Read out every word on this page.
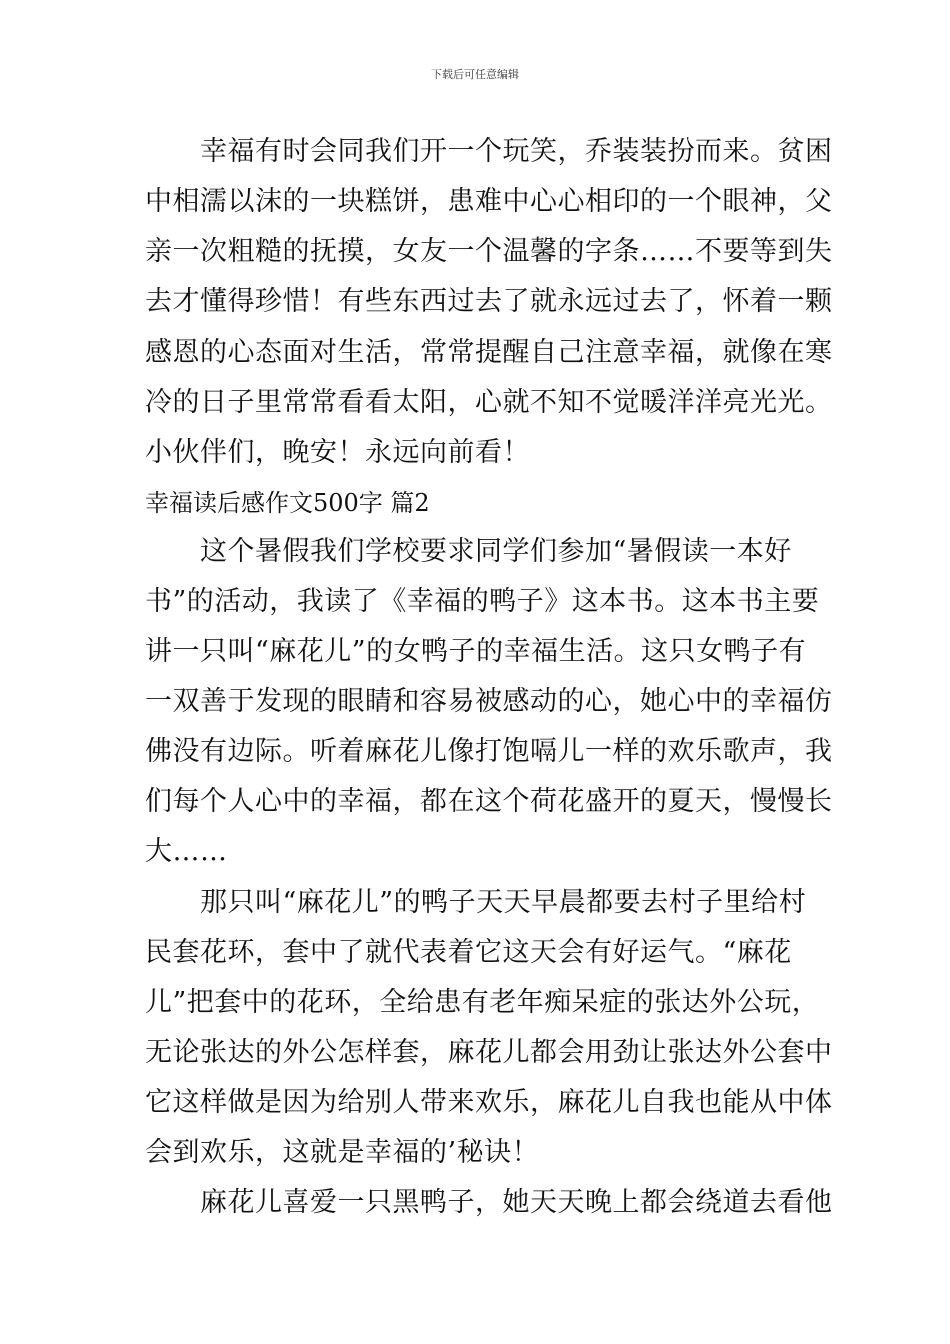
下载后可任意编辑
幸福有时会同我们开一个玩笑，乔装装扮而来。贫困
中相濡以沫的一块糕饼，患难中心心相印的一个眼神，父
亲一次粗糙的抚摸，女友一个温馨的字条……不要等到失
去才懂得珍惜！有些东西过去了就永远过去了，怀着一颗
感恩的心态面对生活，常常提醒自己注意幸福，就像在寒
冷的日子里常常看看太阳，心就不知不觉暖洋洋亮光光。
小伙伴们，晚安！永远向前看！
幸福读后感作文500字 篇2
这个暑假我们学校要求同学们参加“暑假读一本好
书”的活动，我读了《幸福的鸭子》这本书。这本书主要
讲一只叫“麻花儿”的女鸭子的幸福生活。这只女鸭子有
一双善于发现的眼睛和容易被感动的心，她心中的幸福仿
佛没有边际。听着麻花儿像打饱嗝儿一样的欢乐歌声，我
们每个人心中的幸福，都在这个荷花盛开的夏天，慢慢长
大……
那只叫“麻花儿”的鸭子天天早晨都要去村子里给村
民套花环，套中了就代表着它这天会有好运气。“麻花
儿”把套中的花环，全给患有老年痴呆症的张达外公玩，
无论张达的外公怎样套，麻花儿都会用劲让张达外公套中
它这样做是因为给别人带来欢乐，麻花儿自我也能从中体
会到欢乐，这就是幸福的’秘诀！
麻花儿喜爱一只黑鸭子，她天天晚上都会绕道去看他
